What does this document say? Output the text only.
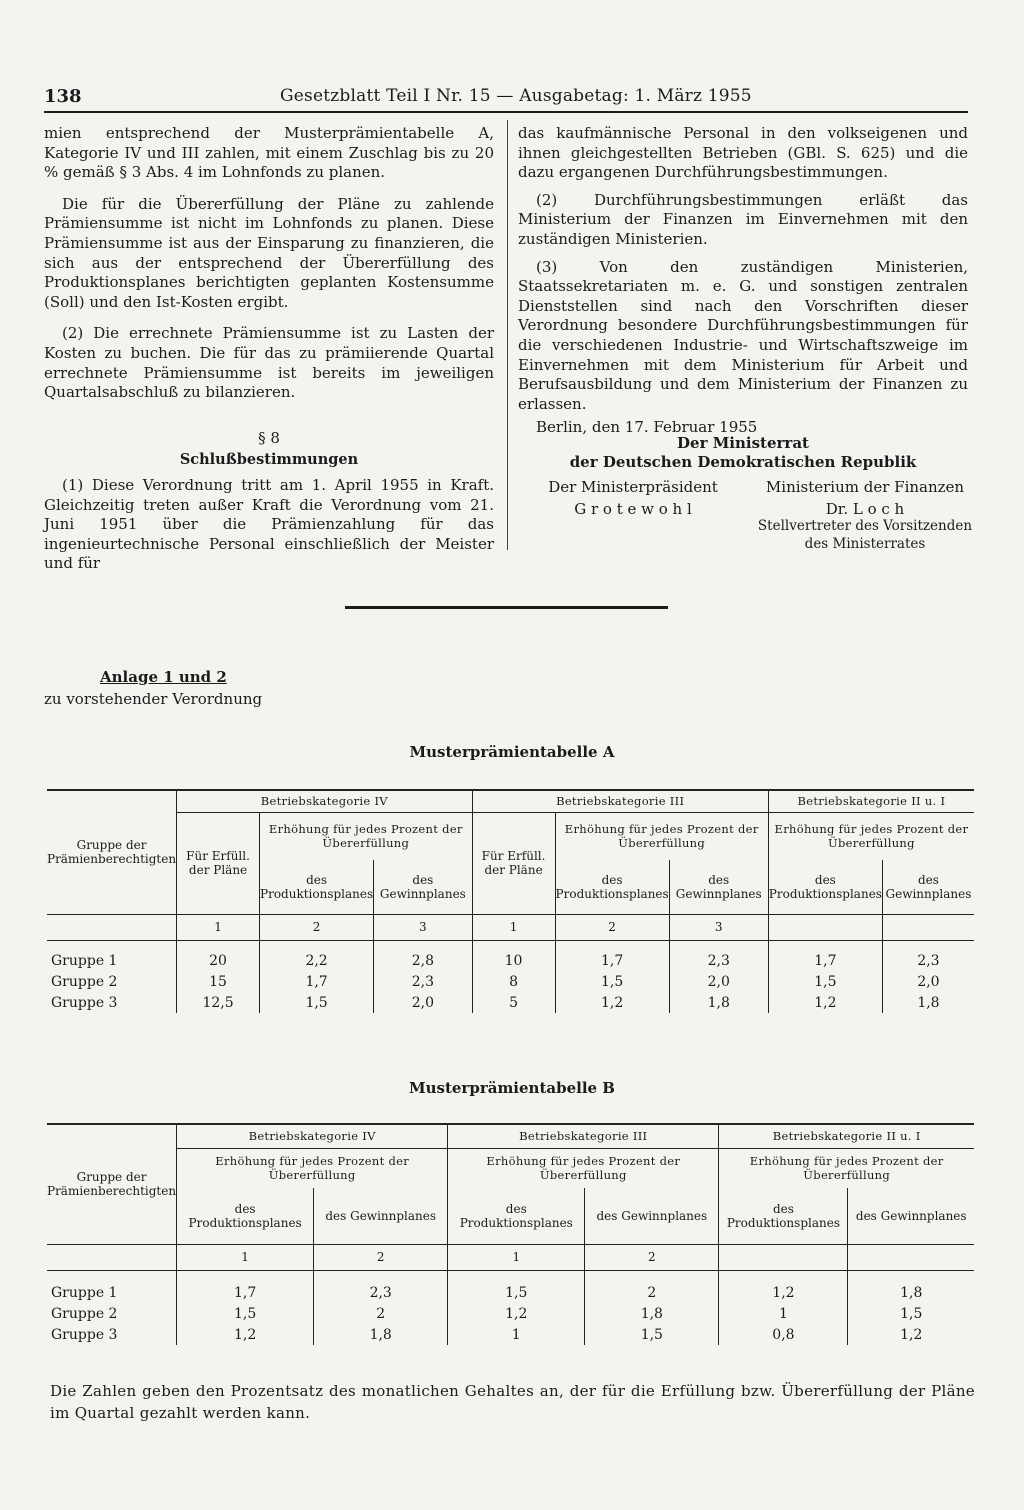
138	Gesetzblatt Teil I Nr. 15 — Ausgabetag: 1. März 1955

mien entsprechend der Musterprämientabelle A, Kategorie IV und III zahlen, mit einem Zuschlag bis zu 20 % gemäß § 3 Abs. 4 im Lohnfonds zu planen.

Die für die Übererfüllung der Pläne zu zahlende Prämiensumme ist nicht im Lohnfonds zu planen. Diese Prämiensumme ist aus der Einsparung zu finanzieren, die sich aus der entsprechend der Übererfüllung des Produktionsplanes berichtigten geplanten Kostensumme (Soll) und den Ist-Kosten ergibt.

(2) Die errechnete Prämiensumme ist zu Lasten der Kosten zu buchen. Die für das zu prämiierende Quartal errechnete Prämiensumme ist bereits im jeweiligen Quartalsabschluß zu bilanzieren.

§ 8
Schlußbestimmungen

(1) Diese Verordnung tritt am 1. April 1955 in Kraft. Gleichzeitig treten außer Kraft die Verordnung vom 21. Juni 1951 über die Prämienzahlung für das ingenieurtechnische Personal einschließlich der Meister und für

das kaufmännische Personal in den volkseigenen und ihnen gleichgestellten Betrieben (GBl. S. 625) und die dazu ergangenen Durchführungsbestimmungen.

(2) Durchführungsbestimmungen erläßt das Ministerium der Finanzen im Einvernehmen mit den zuständigen Ministerien.

(3) Von den zuständigen Ministerien, Staatssekretariaten m. e. G. und sonstigen zentralen Dienststellen sind nach den Vorschriften dieser Verordnung besondere Durchführungsbestimmungen für die verschiedenen Industrie- und Wirtschaftszweige im Einvernehmen mit dem Ministerium für Arbeit und Berufsausbildung und dem Ministerium der Finanzen zu erlassen.

Berlin, den 17. Februar 1955

Der Ministerrat
der Deutschen Demokratischen Republik
Der Ministerpräsident
G r o t e w o h l
Ministerium der Finanzen
Dr. L o c h
Stellvertreter des Vorsitzenden
des Ministerrates
Anlage 1 und 2
zu vorstehender Verordnung
Musterprämientabelle A
Gruppe der Prämienberechtigten	Betriebskategorie IV			Betriebskategorie III			Betriebskategorie II u. I	
	Für Erfüll. der Pläne	Erhöhung für jedes Prozent der Übererfüllung		Für Erfüll. der Pläne	Erhöhung für jedes Prozent der Übererfüllung		Erhöhung für jedes Prozent der Übererfüllung	
		des Produktionsplanes	des Gewinnplanes		des Produktionsplanes	des Gewinnplanes	des Produktionsplanes	des Gewinnplanes
	1	2	3	1	2	3		

Gruppe 1	20	2,2	2,8	10	1,7	2,3	1,7	2,3
Gruppe 2	15	1,7	2,3	8	1,5	2,0	1,5	2,0
Gruppe 3	12,5	1,5	2,0	5	1,2	1,8	1,2	1,8
Musterprämientabelle B
Gruppe der Prämienberechtigten	Betriebskategorie IV		Betriebskategorie III		Betriebskategorie II u. I	
	Erhöhung für jedes Prozent der Übererfüllung		Erhöhung für jedes Prozent der Übererfüllung		Erhöhung für jedes Prozent der Übererfüllung	
	des Produktionsplanes	des Gewinnplanes	des Produktionsplanes	des Gewinnplanes	des Produktionsplanes	des Gewinnplanes
	1	2	1	2		

Gruppe 1	1,7	2,3	1,5	2	1,2	1,8
Gruppe 2	1,5	2	1,2	1,8	1	1,5
Gruppe 3	1,2	1,8	1	1,5	0,8	1,2
Die Zahlen geben den Prozentsatz des monatlichen Gehaltes an, der für die Erfüllung bzw. Übererfüllung der Pläne im Quartal gezahlt werden kann.
